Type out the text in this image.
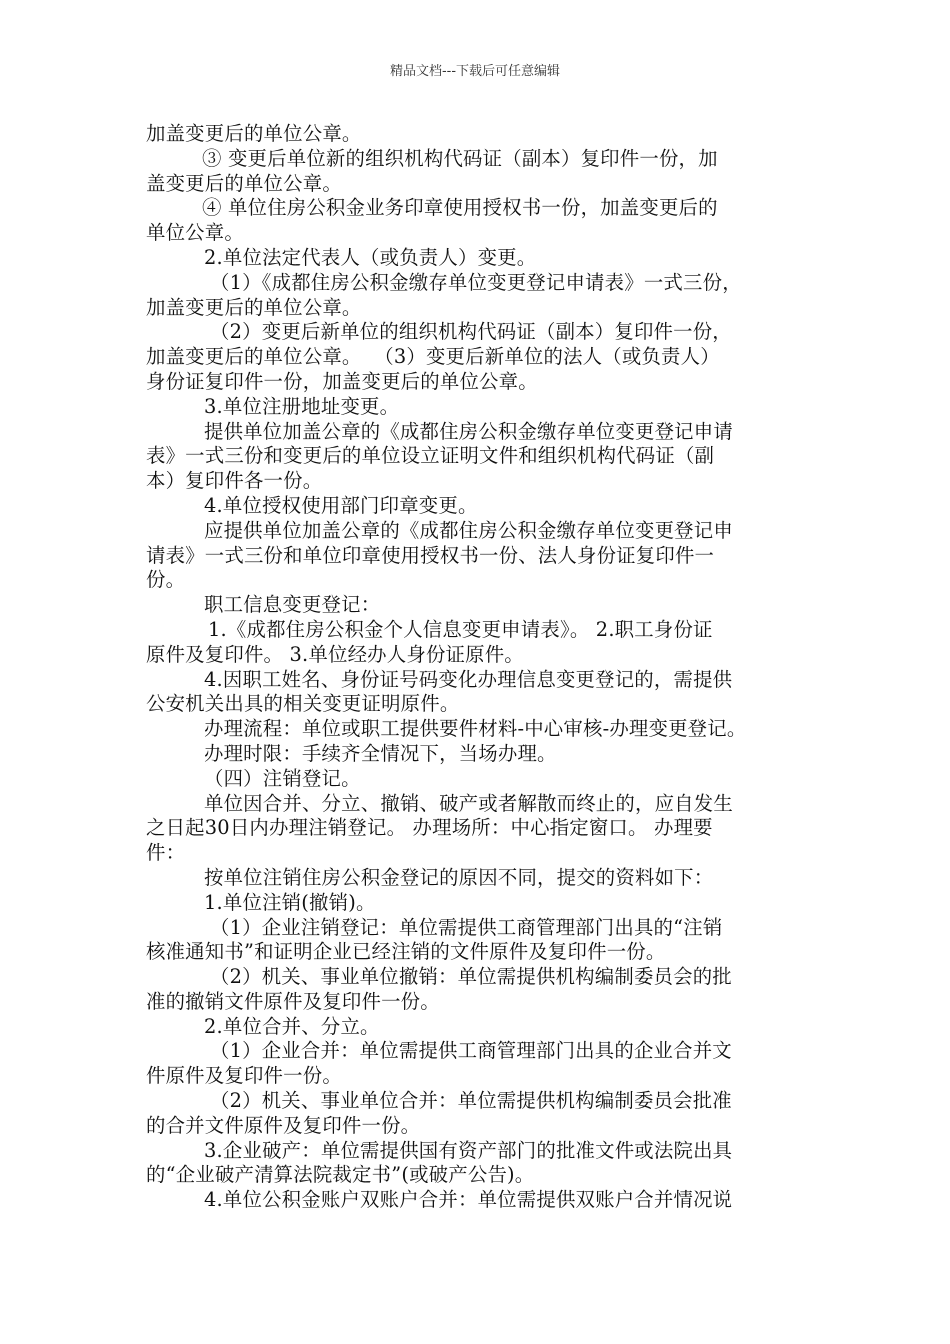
精品文档---下载后可任意编辑
加盖变更后的单位公章。
③ 变更后单位新的组织机构代码证（副本）复印件一份，加
盖变更后的单位公章。
④ 单位住房公积金业务印章使用授权书一份，加盖变更后的
单位公章。
2.单位法定代表人（或负责人）变更。
（1）《成都住房公积金缴存单位变更登记申请表》一式三份，
加盖变更后的单位公章。
（2）变更后新单位的组织机构代码证（副本）复印件一份，
加盖变更后的单位公章。  （3）变更后新单位的法人（或负责人）
身份证复印件一份，加盖变更后的单位公章。
3.单位注册地址变更。
提供单位加盖公章的《成都住房公积金缴存单位变更登记申请
表》一式三份和变更后的单位设立证明文件和组织机构代码证（副
本）复印件各一份。
4.单位授权使用部门印章变更。
应提供单位加盖公章的《成都住房公积金缴存单位变更登记申
请表》一式三份和单位印章使用授权书一份、法人身份证复印件一
份。
职工信息变更登记：
1.《成都住房公积金个人信息变更申请表》。 2.职工身份证
原件及复印件。 3.单位经办人身份证原件。
4.因职工姓名、身份证号码变化办理信息变更登记的，需提供
公安机关出具的相关变更证明原件。
办理流程：单位或职工提供要件材料-中心审核-办理变更登记。
办理时限：手续齐全情况下，当场办理。
（四）注销登记。
单位因合并、分立、撤销、破产或者解散而终止的，应自发生
之日起30日内办理注销登记。 办理场所：中心指定窗口。 办理要
件：
按单位注销住房公积金登记的原因不同，提交的资料如下：
1.单位注销(撤销)。
（1）企业注销登记：单位需提供工商管理部门出具的“注销
核准通知书”和证明企业已经注销的文件原件及复印件一份。
（2）机关、事业单位撤销：单位需提供机构编制委员会的批
准的撤销文件原件及复印件一份。
2.单位合并、分立。
（1）企业合并：单位需提供工商管理部门出具的企业合并文
件原件及复印件一份。
（2）机关、事业单位合并：单位需提供机构编制委员会批准
的合并文件原件及复印件一份。
3.企业破产：单位需提供国有资产部门的批准文件或法院出具
的“企业破产清算法院裁定书”(或破产公告)。
4.单位公积金账户双账户合并：单位需提供双账户合并情况说
